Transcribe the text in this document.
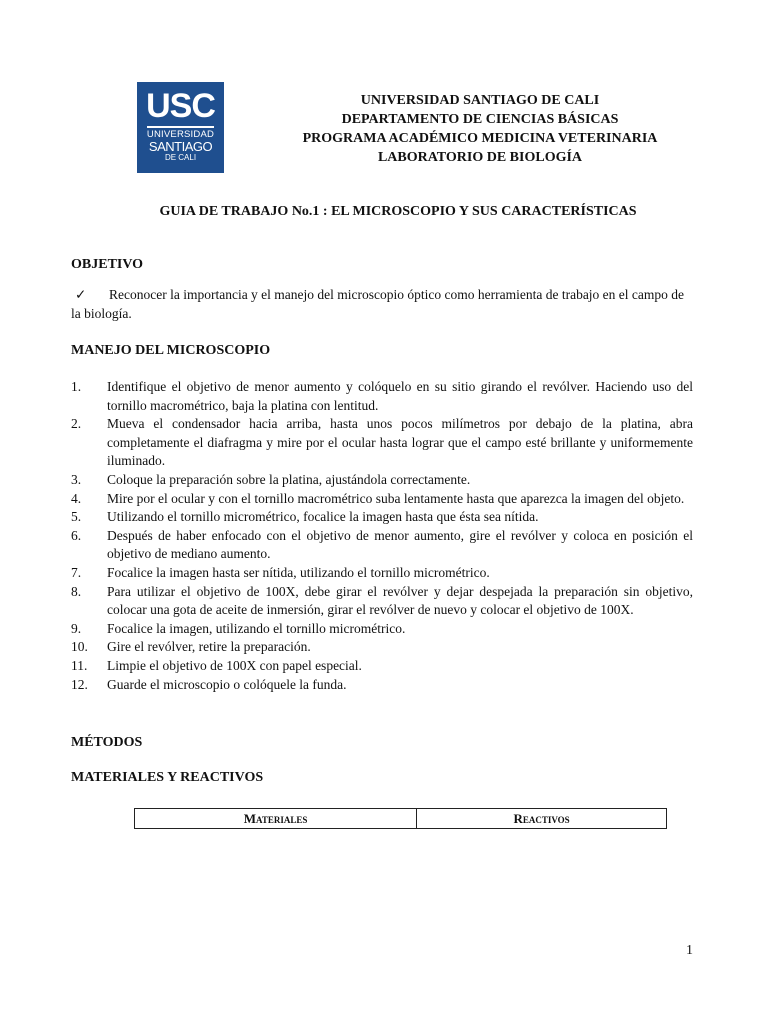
USC
UNIVERSIDAD
SANTIAGO
DE CALI
UNIVERSIDAD SANTIAGO DE CALI
DEPARTAMENTO DE CIENCIAS BÁSICAS
PROGRAMA ACADÉMICO MEDICINA VETERINARIA
LABORATORIO DE BIOLOGÍA
GUIA DE TRABAJO No.1 : EL MICROSCOPIO Y SUS CARACTERÍSTICAS
OBJETIVO
✓ Reconocer la importancia y el manejo del microscopio óptico como herramienta de trabajo en el campo de la biología.
MANEJO DEL MICROSCOPIO
1. Identifique el objetivo de menor aumento y colóquelo en su sitio girando el revólver. Haciendo uso del tornillo macrométrico, baja la platina con lentitud.
2. Mueva el condensador hacia arriba, hasta unos pocos milímetros por debajo de la platina, abra completamente el diafragma y mire por el ocular hasta lograr que el campo esté brillante y uniformemente iluminado.
3. Coloque la preparación sobre la platina, ajustándola correctamente.
4. Mire por el ocular y con el tornillo macrométrico suba lentamente hasta que aparezca la imagen del objeto.
5. Utilizando el tornillo micrométrico, focalice la imagen hasta que ésta sea nítida.
6. Después de haber enfocado con el objetivo de menor aumento, gire el revólver y coloca en posición el objetivo de mediano aumento.
7. Focalice la imagen hasta ser nítida, utilizando el tornillo micrométrico.
8. Para utilizar el objetivo de 100X, debe girar el revólver y dejar despejada la preparación sin objetivo, colocar una gota de aceite de inmersión, girar el revólver de nuevo y colocar el objetivo de 100X.
9. Focalice la imagen, utilizando el tornillo micrométrico.
10. Gire el revólver, retire la preparación.
11. Limpie el objetivo de 100X con papel especial.
12. Guarde el microscopio o colóquele la funda.
MÉTODOS
MATERIALES Y REACTIVOS
Materiales	Reactivos
1
